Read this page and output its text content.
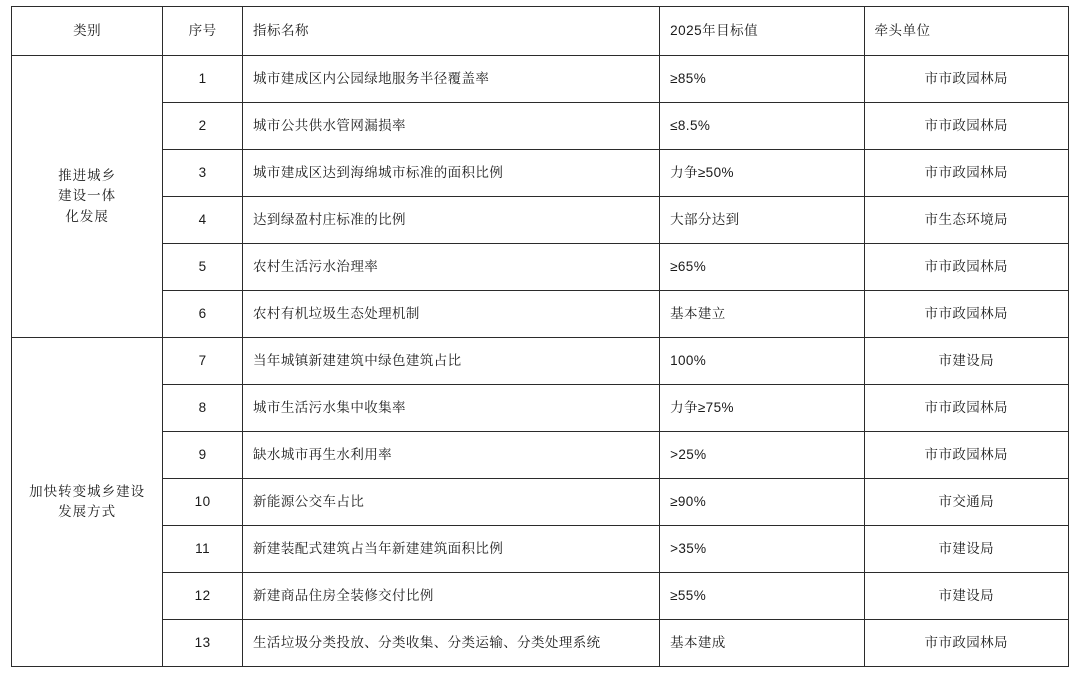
类别	序号	指标名称	2025年目标值	牵头单位

推进城乡
建设一体
化发展	1	城市建成区内公园绿地服务半径覆盖率	≥85%	市市政园林局
	2	城市公共供水管网漏损率	≤8.5%	市市政园林局
	3	城市建成区达到海绵城市标准的面积比例	力争≥50%	市市政园林局
	4	达到绿盈村庄标准的比例	大部分达到	市生态环境局
	5	农村生活污水治理率	≥65%	市市政园林局
	6	农村有机垃圾生态处理机制	基本建立	市市政园林局

加快转变城乡建设
发展方式	7	当年城镇新建建筑中绿色建筑占比	100%	市建设局
	8	城市生活污水集中收集率	力争≥75%	市市政园林局
	9	缺水城市再生水利用率	>25%	市市政园林局
	10	新能源公交车占比	≥90%	市交通局
	11	新建装配式建筑占当年新建建筑面积比例	>35%	市建设局
	12	新建商品住房全装修交付比例	≥55%	市建设局
	13	生活垃圾分类投放、分类收集、分类运输、分类处理系统	基本建成	市市政园林局
